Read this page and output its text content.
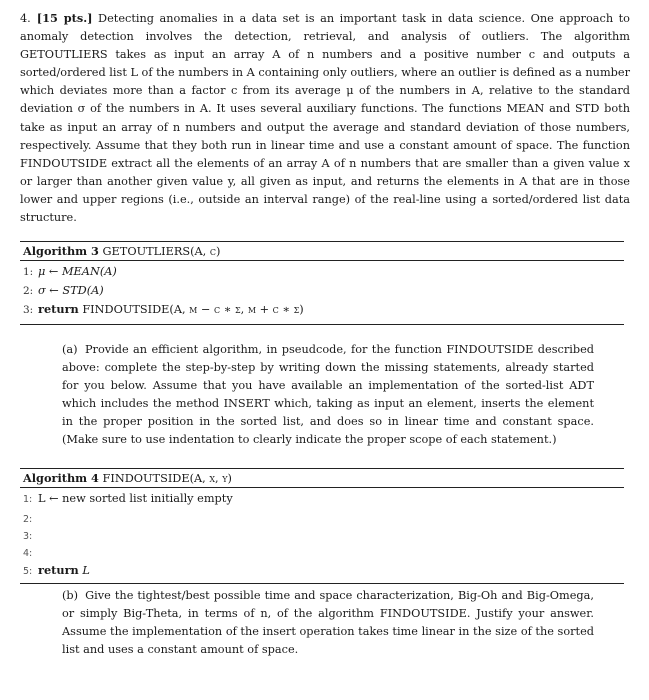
4. [15 pts.] Detecting anomalies in a data set is an important task in data science. One approach to anomaly detection involves the detection, retrieval, and analysis of outliers. The algorithm GETOUTLIERS takes as input an array A of n numbers and a positive number c and outputs a sorted/ordered list L of the numbers in A containing only outliers, where an outlier is defined as a number which deviates more than a factor c from its average μ of the numbers in A, relative to the standard deviation σ of the numbers in A. It uses several auxiliary functions. The functions MEAN and STD both take as input an array of n numbers and output the average and standard deviation of those numbers, respectively. Assume that they both run in linear time and use a constant amount of space. The function FINDOUTSIDE extract all the elements of an array A of n numbers that are smaller than a given value x or larger than another given value y, all given as input, and returns the elements in A that are in those lower and upper regions (i.e., outside an interval range) of the real-line using a sorted/ordered list data structure.
Algorithm 3 GETOUTLIERS(A, c)
1: μ ← MEAN(A)
2: σ ← STD(A)
3: return FINDOUTSIDE(A, μ − c ∗ σ, μ + c ∗ σ)
(a) Provide an efficient algorithm, in pseudcode, for the function FINDOUTSIDE described above: complete the step-by-step by writing down the missing statements, already started for you below. Assume that you have available an implementation of the sorted-list ADT which includes the method INSERT which, taking as input an element, inserts the element in the proper position in the sorted list, and does so in linear time and constant space. (Make sure to use indentation to clearly indicate the proper scope of each statement.)
Algorithm 4 FINDOUTSIDE(A, x, y)
1: L ← new sorted list initially empty
2:
3:
4:
5: return L
(b) Give the tightest/best possible time and space characterization, Big-Oh and Big-Omega, or simply Big-Theta, in terms of n, of the algorithm FINDOUTSIDE. Justify your answer. Assume the implementation of the insert operation takes time linear in the size of the sorted list and uses a constant amount of space.
